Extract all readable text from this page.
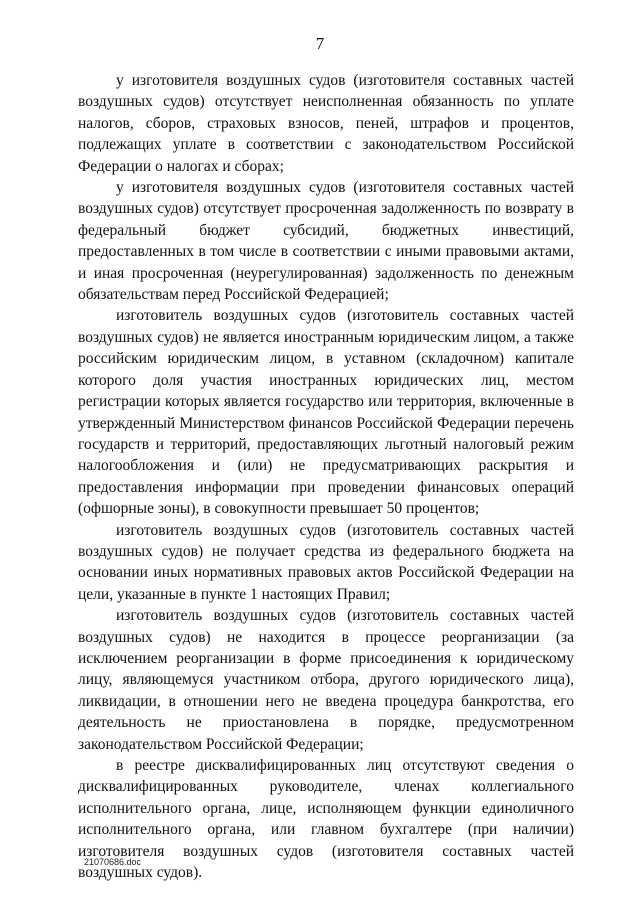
7

у изготовителя воздушных судов (изготовителя составных частей воздушных судов) отсутствует неисполненная обязанность по уплате налогов, сборов, страховых взносов, пеней, штрафов и процентов, подлежащих уплате в соответствии с законодательством Российской Федерации о налогах и сборах;

у изготовителя воздушных судов (изготовителя составных частей воздушных судов) отсутствует просроченная задолженность по возврату в федеральный бюджет субсидий, бюджетных инвестиций, предоставленных в том числе в соответствии с иными правовыми актами, и иная просроченная (неурегулированная) задолженность по денежным обязательствам перед Российской Федерацией;

изготовитель воздушных судов (изготовитель составных частей воздушных судов) не является иностранным юридическим лицом, а также российским юридическим лицом, в уставном (складочном) капитале которого доля участия иностранных юридических лиц, местом регистрации которых является государство или территория, включенные в утвержденный Министерством финансов Российской Федерации перечень государств и территорий, предоставляющих льготный налоговый режим налогообложения и (или) не предусматривающих раскрытия и предоставления информации при проведении финансовых операций (офшорные зоны), в совокупности превышает 50 процентов;

изготовитель воздушных судов (изготовитель составных частей воздушных судов) не получает средства из федерального бюджета на основании иных нормативных правовых актов Российской Федерации на цели, указанные в пункте 1 настоящих Правил;

изготовитель воздушных судов (изготовитель составных частей воздушных судов) не находится в процессе реорганизации (за исключением реорганизации в форме присоединения к юридическому лицу, являющемуся участником отбора, другого юридического лица), ликвидации, в отношении него не введена процедура банкротства, его деятельность не приостановлена в порядке, предусмотренном законодательством Российской Федерации;

в реестре дисквалифицированных лиц отсутствуют сведения о дисквалифицированных руководителе, членах коллегиального исполнительного органа, лице, исполняющем функции единоличного исполнительного органа, или главном бухгалтере (при наличии) изготовителя воздушных судов (изготовителя составных частей воздушных судов).

21070686.doc
